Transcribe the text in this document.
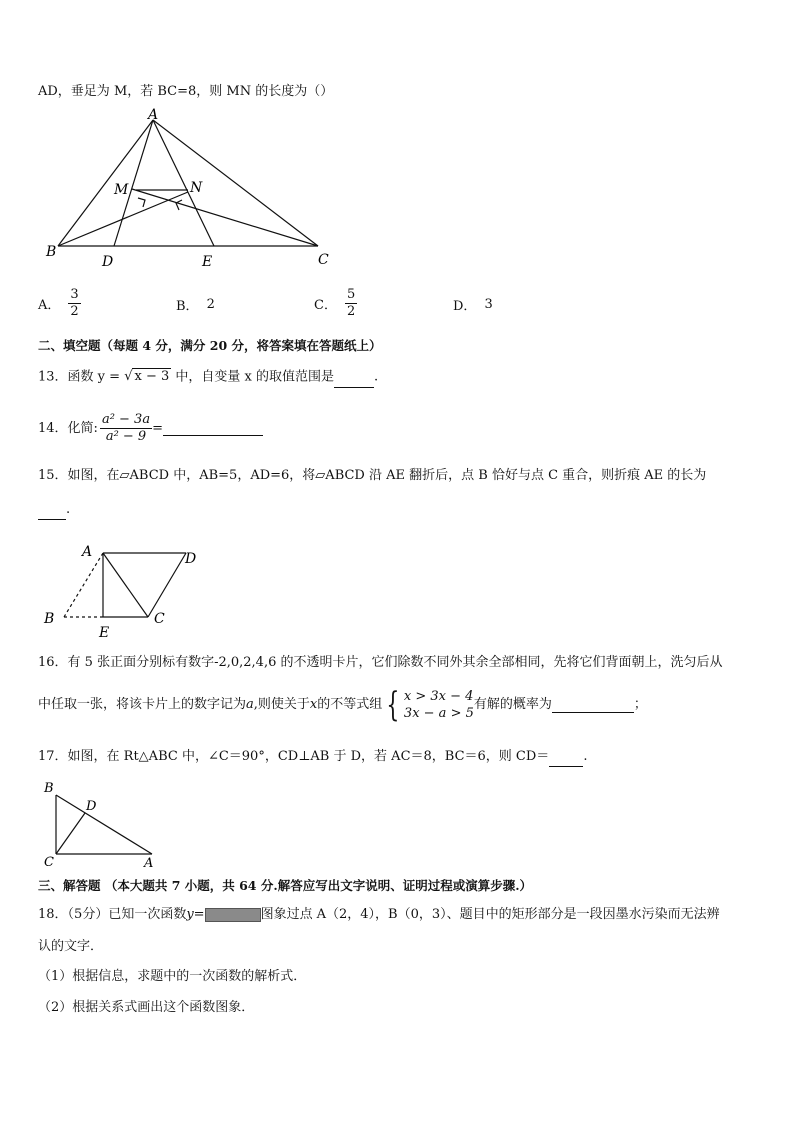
AD，垂足为 M，若 BC=8，则 MN 的长度为（）
A
B	C
D	E
M	N
A． $\frac{3}{2}$	B． 2	C． $\frac{5}{2}$	D． 3
二、填空题（每题 4 分，满分 20 分，将答案填在答题纸上）
13．函数 y = √ x − 3 中，自变量 x 的取值范围是	.
14．化简: $\frac{\text{a² − 3a}}{\text{a² − 9}}$ =
15．如图，在▱ABCD 中，AB=5，AD=6，将▱ABCD 沿 AE 翻折后，点 B 恰好与点 C 重合，则折痕 AE 的长为
.
A	D
B	C
E
16．有 5 张正面分别标有数字-2,0,2,4,6 的不透明卡片，它们除数不同外其余全部相同，先将它们背面朝上，洗匀后从
中任取一张，将该卡片上的数字记为 a ,则使关于 x 的不等式组 { x > 3x − 4
3x − a > 5
有解的概率为	；
17．如图，在 Rt△ABC 中，∠C＝90°，CD⊥AB 于 D，若 AC＝8，BC＝6，则 CD＝	.
B
D
C	A
三、解答题 （本大题共 7 小题，共 64 分.解答应写出文字说明、证明过程或演算步骤.）
18．（5分）已知一次函数 y=	图象过点 A（2，4），B（0，3）、题目中的矩形部分是一段因墨水污染而无法辨
认的文字．
（1）根据信息，求题中的一次函数的解析式．
（2）根据关系式画出这个函数图象．
